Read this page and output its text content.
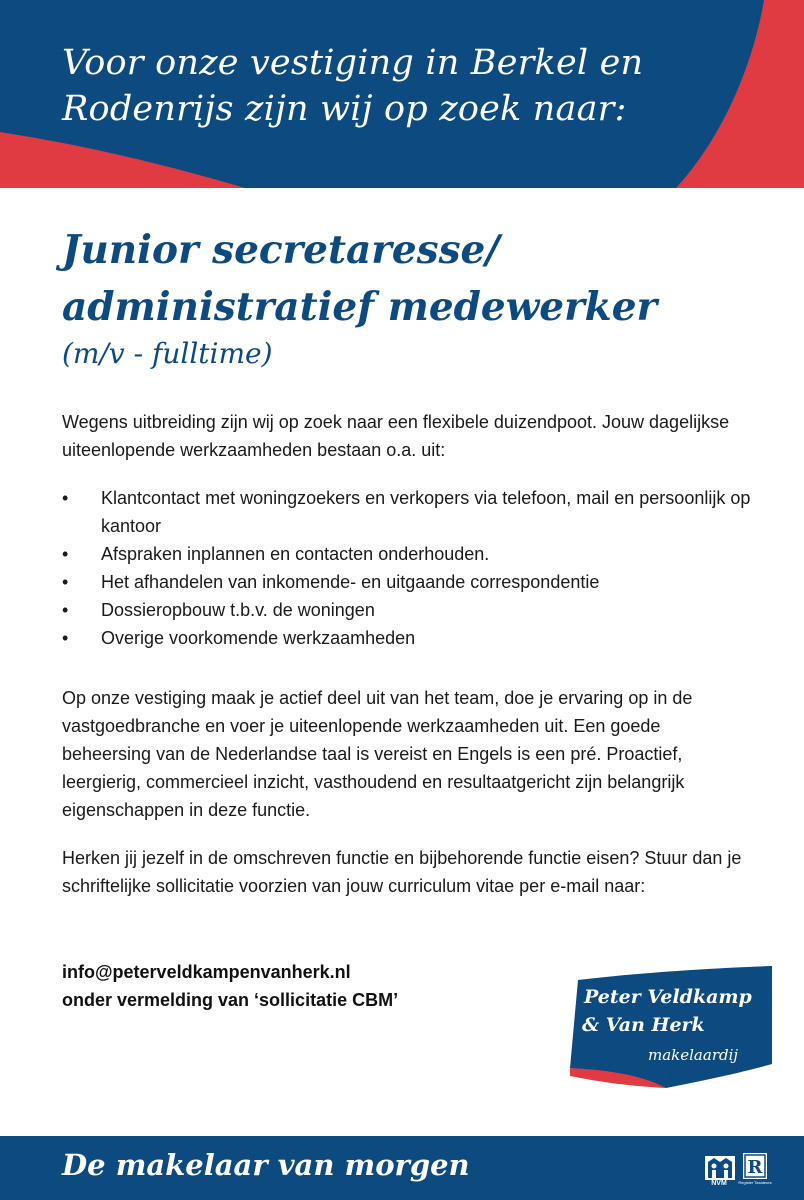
Voor onze vestiging in Berkel en
Rodenrijs zijn wij op zoek naar:
Junior secretaresse/
administratief medewerker
(m/v - fulltime)
Wegens uitbreiding zijn wij op zoek naar een flexibele duizendpoot. Jouw dagelijkse uiteenlopende werkzaamheden bestaan o.a. uit:
• Klantcontact met woningzoekers en verkopers via telefoon, mail en persoonlijk op kantoor
• Afspraken inplannen en contacten onderhouden.
• Het afhandelen van inkomende- en uitgaande correspondentie
• Dossieropbouw t.b.v. de woningen
• Overige voorkomende werkzaamheden
Op onze vestiging maak je actief deel uit van het team, doe je ervaring op in de vastgoedbranche en voer je uiteenlopende werkzaamheden uit. Een goede beheersing van de Nederlandse taal is vereist en Engels is een pré. Proactief, leergierig, commercieel inzicht, vasthoudend en resultaatgericht zijn belangrijk eigenschappen in deze functie.
Herken jij jezelf in de omschreven functie en bijbehorende functie eisen? Stuur dan je schriftelijke sollicitatie voorzien van jouw curriculum vitae per e-mail naar:
info@peterveldkampenvanherk.nl
onder vermelding van ‘sollicitatie CBM’	Peter Veldkamp
& Van Herk
makelaardij
De makelaar van morgen
NVM
R
Register Taxateurs
